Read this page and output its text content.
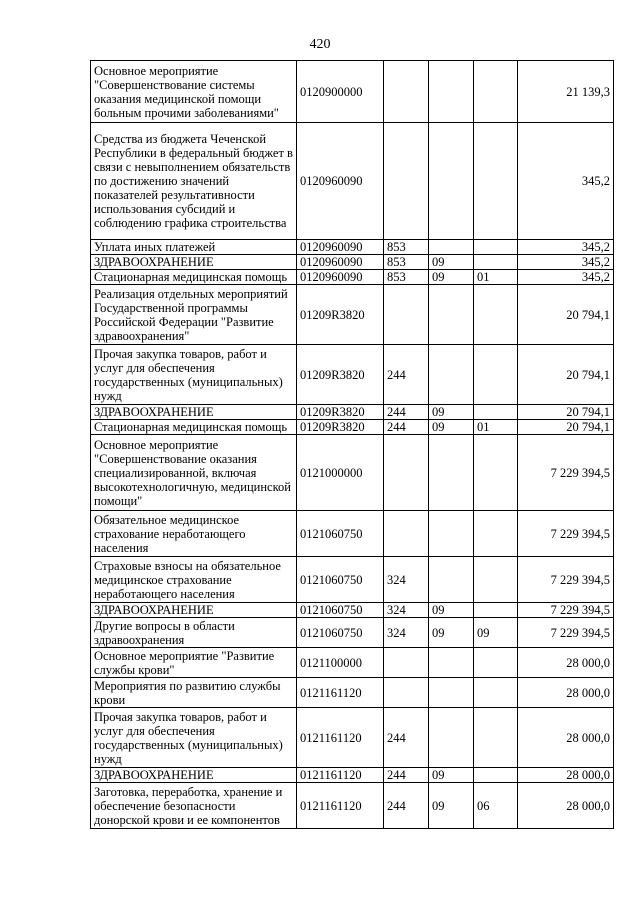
420
Основное мероприятие "Совершенствование системы оказания медицинской помощи больным прочими заболеваниями"	0120900000				21 139,3
Средства из бюджета Чеченской Республики в федеральный бюджет в связи с невыполнением обязательств по достижению значений показателей результативности использования субсидий и соблюдению графика строительства	0120960090				345,2
Уплата иных платежей	0120960090	853			345,2
ЗДРАВООХРАНЕНИЕ	0120960090	853	09		345,2
Стационарная медицинская помощь	0120960090	853	09	01	345,2
Реализация отдельных мероприятий Государственной программы Российской Федерации "Развитие здравоохранения"	01209R3820				20 794,1
Прочая закупка товаров, работ и услуг для обеспечения государственных (муниципальных) нужд	01209R3820	244			20 794,1
ЗДРАВООХРАНЕНИЕ	01209R3820	244	09		20 794,1
Стационарная медицинская помощь	01209R3820	244	09	01	20 794,1
Основное мероприятие "Совершенствование оказания специализированной, включая высокотехнологичную, медицинской помощи"	0121000000				7 229 394,5
Обязательное медицинское страхование неработающего населения	0121060750				7 229 394,5
Страховые взносы на обязательное медицинское страхование неработающего населения	0121060750	324			7 229 394,5
ЗДРАВООХРАНЕНИЕ	0121060750	324	09		7 229 394,5
Другие вопросы в области здравоохранения	0121060750	324	09	09	7 229 394,5
Основное мероприятие "Развитие службы крови"	0121100000				28 000,0
Мероприятия по развитию службы крови	0121161120				28 000,0
Прочая закупка товаров, работ и услуг для обеспечения государственных (муниципальных) нужд	0121161120	244			28 000,0
ЗДРАВООХРАНЕНИЕ	0121161120	244	09		28 000,0
Заготовка, переработка, хранение и обеспечение безопасности донорской крови и ее компонентов	0121161120	244	09	06	28 000,0
